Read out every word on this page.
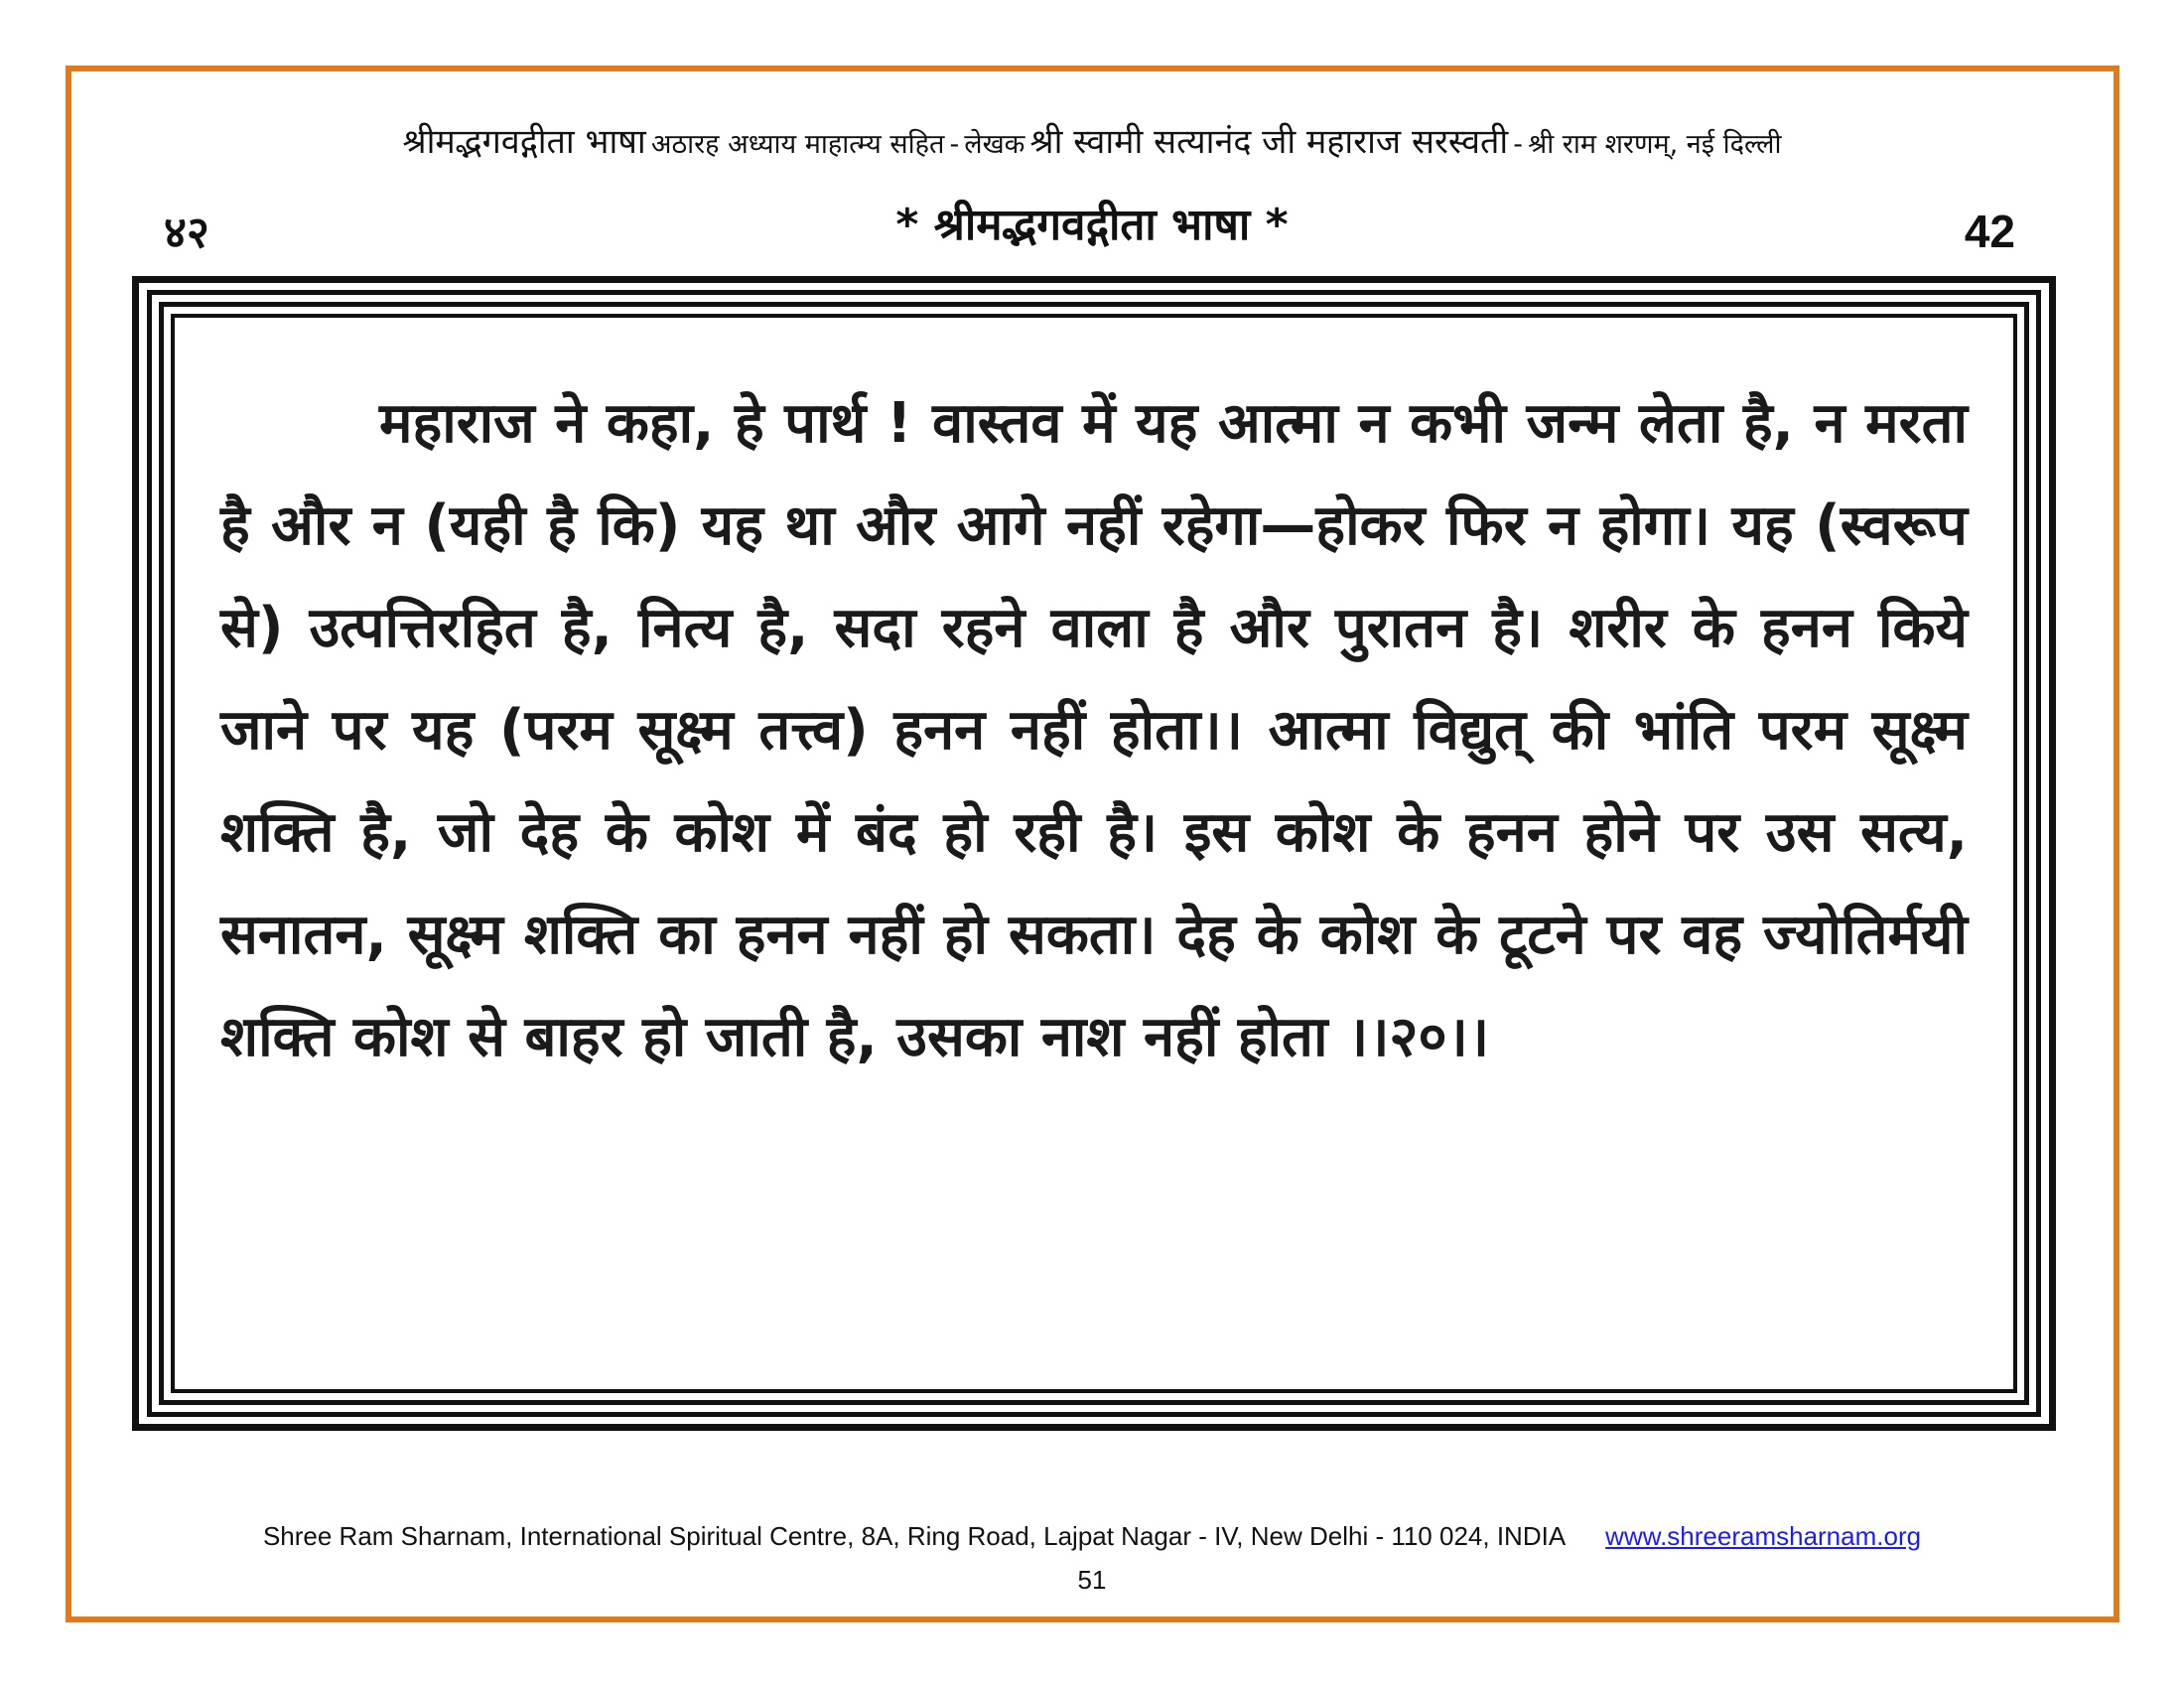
श्रीमद्भगवद्गीता भाषा अठारह अध्याय माहात्म्य सहित - लेखक श्री स्वामी सत्यानंद जी महाराज सरस्वती - श्री राम शरणम्, नई दिल्ली
४२	* श्रीमद्भगवद्गीता भाषा *	42

महाराज ने कहा, हे पार्थ ! वास्तव में यह आत्मा न कभी जन्म लेता है, न मरता है और न (यही है कि) यह था और आगे नहीं रहेगा—होकर फिर न होगा। यह (स्वरूप से) उत्पत्तिरहित है, नित्य है, सदा रहने वाला है और पुरातन है। शरीर के हनन किये जाने पर यह (परम सूक्ष्म तत्त्व) हनन नहीं होता।। आत्मा विद्युत् की भांति परम सूक्ष्म शक्ति है, जो देह के कोश में बंद हो रही है। इस कोश के हनन होने पर उस सत्य, सनातन, सूक्ष्म शक्ति का हनन नहीं हो सकता। देह के कोश के टूटने पर वह ज्योतिर्मयी शक्ति कोश से बाहर हो जाती है, उसका नाश नहीं होता ।।२०।।

Shree Ram Sharnam, International Spiritual Centre, 8A, Ring Road, Lajpat Nagar - IV, New Delhi - 110 024, INDIA www.shreeramsharnam.org
51
